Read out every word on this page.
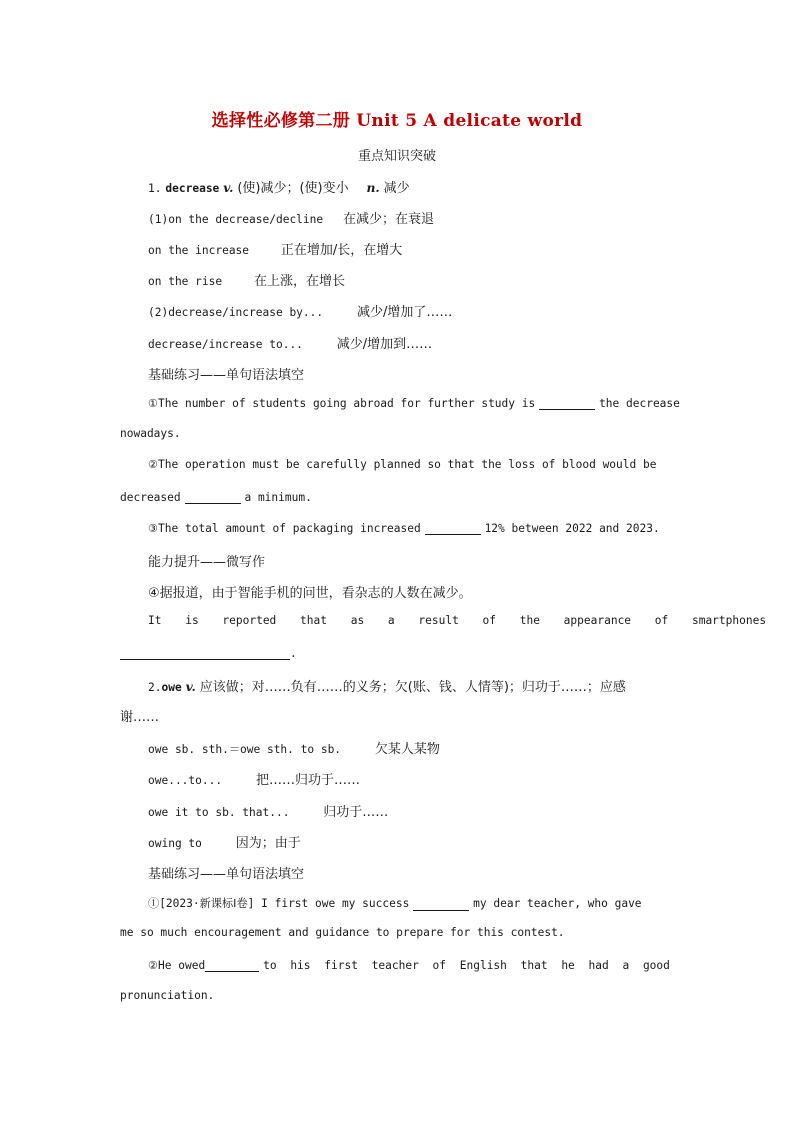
选择性必修第二册 Unit 5 A delicate world
重点知识突破
1. decrease v. (使)减少；(使)变小 n. 减少
(1)on the decrease/decline 在减少；在衰退
on the increase 正在增加/长，在增大
on the rise 在上涨，在增长
(2)decrease/increase by...	减少/增加了……
decrease/increase to...	减少/增加到……
基础练习——单句语法填空
①The number of students going abroad for further study is	the decrease
nowadays.
②The operation must be carefully planned so that the loss of blood would be
decreased	a minimum.
③The total amount of packaging increased	12% between 2022 and 2023.
能力提升——微写作
④据报道，由于智能手机的问世，看杂志的人数在减少。
It is reported that as a result of the appearance of smartphones
.
2.owe v. 应该做；对……负有……的义务；欠(账、钱、人情等)；归功于……；应感
谢……
owe sb. sth.＝owe sth. to sb.	欠某人某物
owe...to...	把……归功于……
owe it to sb. that...	归功于……
owing to	因为；由于
基础练习——单句语法填空
①[2023·新课标Ⅰ卷] I first owe my success	my dear teacher, who gave
me so much encouragement and guidance to prepare for this contest.
②He owed	to his first teacher of English that he had a good
pronunciation.
